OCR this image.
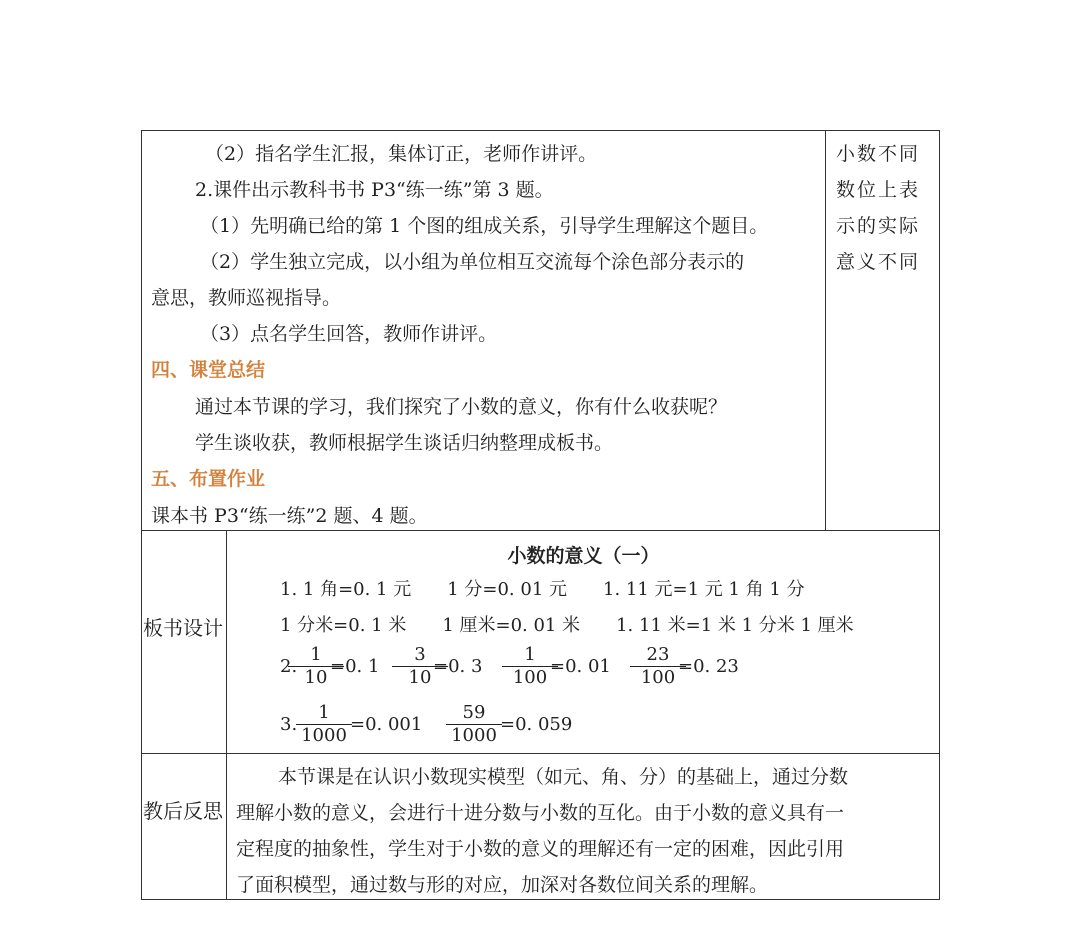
（2）指名学生汇报，集体订正，老师作讲评。
2.课件出示教科书书 P3“练一练”第 3 题。
（1）先明确已给的第 1 个图的组成关系，引导学生理解这个题目。
（2）学生独立完成，以小组为单位相互交流每个涂色部分表示的
意思，教师巡视指导。
（3）点名学生回答，教师作讲评。
四、课堂总结
通过本节课的学习，我们探究了小数的意义，你有什么收获呢？
学生谈收获，教师根据学生谈话归纳整理成板书。
五、布置作业
课本书 P3“练一练”2 题、4 题。
小数不同数位上表示的实际意义不同
板书设计
小数的意义（一）
1. 1 角=0. 1 元　　1 分=0. 01 元　　1. 11 元=1 元 1 角 1 分
1 分米=0. 1 米　　1 厘米=0. 01 米　　1. 11 米=1 米 1 分米 1 厘米
2.
1
10
=0. 1
3
10
=0. 3
1
100
=0. 01
23
100
=0. 23
3.
1
1000
=0. 001
59
1000
=0. 059
教后反思
本节课是在认识小数现实模型（如元、角、分）的基础上，通过分数
理解小数的意义，会进行十进分数与小数的互化。由于小数的意义具有一
定程度的抽象性，学生对于小数的意义的理解还有一定的困难，因此引用
了面积模型，通过数与形的对应，加深对各数位间关系的理解。
